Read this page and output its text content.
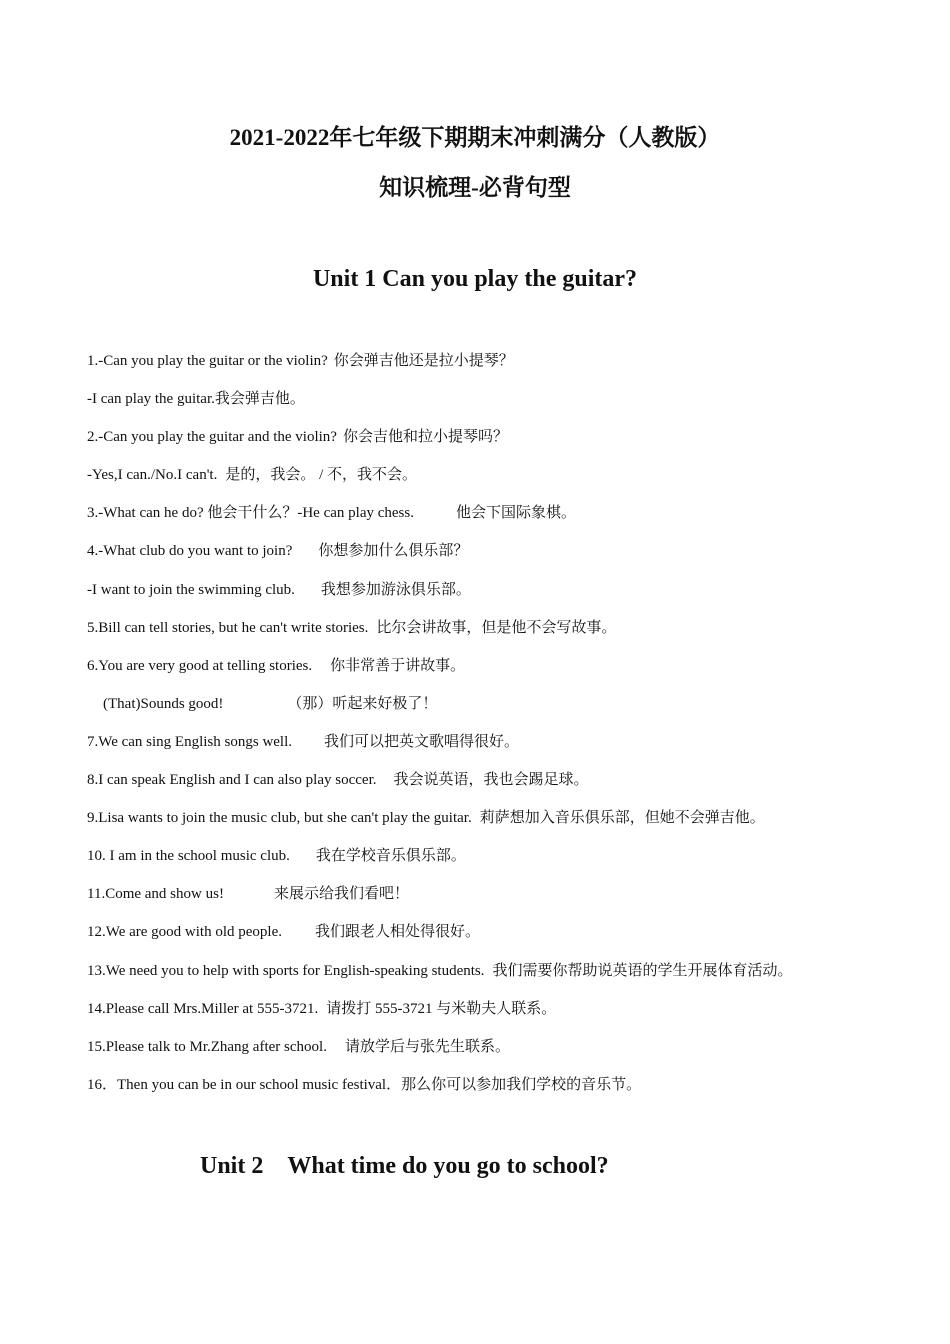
2021-2022年七年级下期期末冲刺满分（人教版）
知识梳理-必背句型
Unit 1 Can you play the guitar?
1.-Can you play the guitar or the violin? 你会弹吉他还是拉小提琴？
-I can play the guitar.我会弹吉他。
2.-Can you play the guitar and the violin? 你会吉他和拉小提琴吗？
-Yes,I can./No.I can't. 是的，我会。 / 不，我不会。
3.-What can he do? 他会干什么？-He can play chess.	他会下国际象棋。
4.-What club do you want to join? 你想参加什么俱乐部？
-I want to join the swimming club. 我想参加游泳俱乐部。
5.Bill can tell stories, but he can't write stories. 比尔会讲故事，但是他不会写故事。
6.You are very good at telling stories. 你非常善于讲故事。
(That)Sounds good!	（那）听起来好极了！
7.We can sing English songs well. 我们可以把英文歌唱得很好。
8.I can speak English and I can also play soccer. 我会说英语，我也会踢足球。
9.Lisa wants to join the music club, but she can't play the guitar. 莉萨想加入音乐俱乐部，但她不会弹吉他。
10. I am in the school music club. 我在学校音乐俱乐部。
11.Come and show us!	来展示给我们看吧！
12.We are good with old people. 我们跟老人相处得很好。
13.We need you to help with sports for English-speaking students. 我们需要你帮助说英语的学生开展体育活动。
14.Please call Mrs.Miller at 555-3721. 请拨打 555-3721 与米勒夫人联系。
15.Please talk to Mr.Zhang after school. 请放学后与张先生联系。
16．Then you can be in our school music festival．那么你可以参加我们学校的音乐节。
Unit 2    What time do you go to school?
